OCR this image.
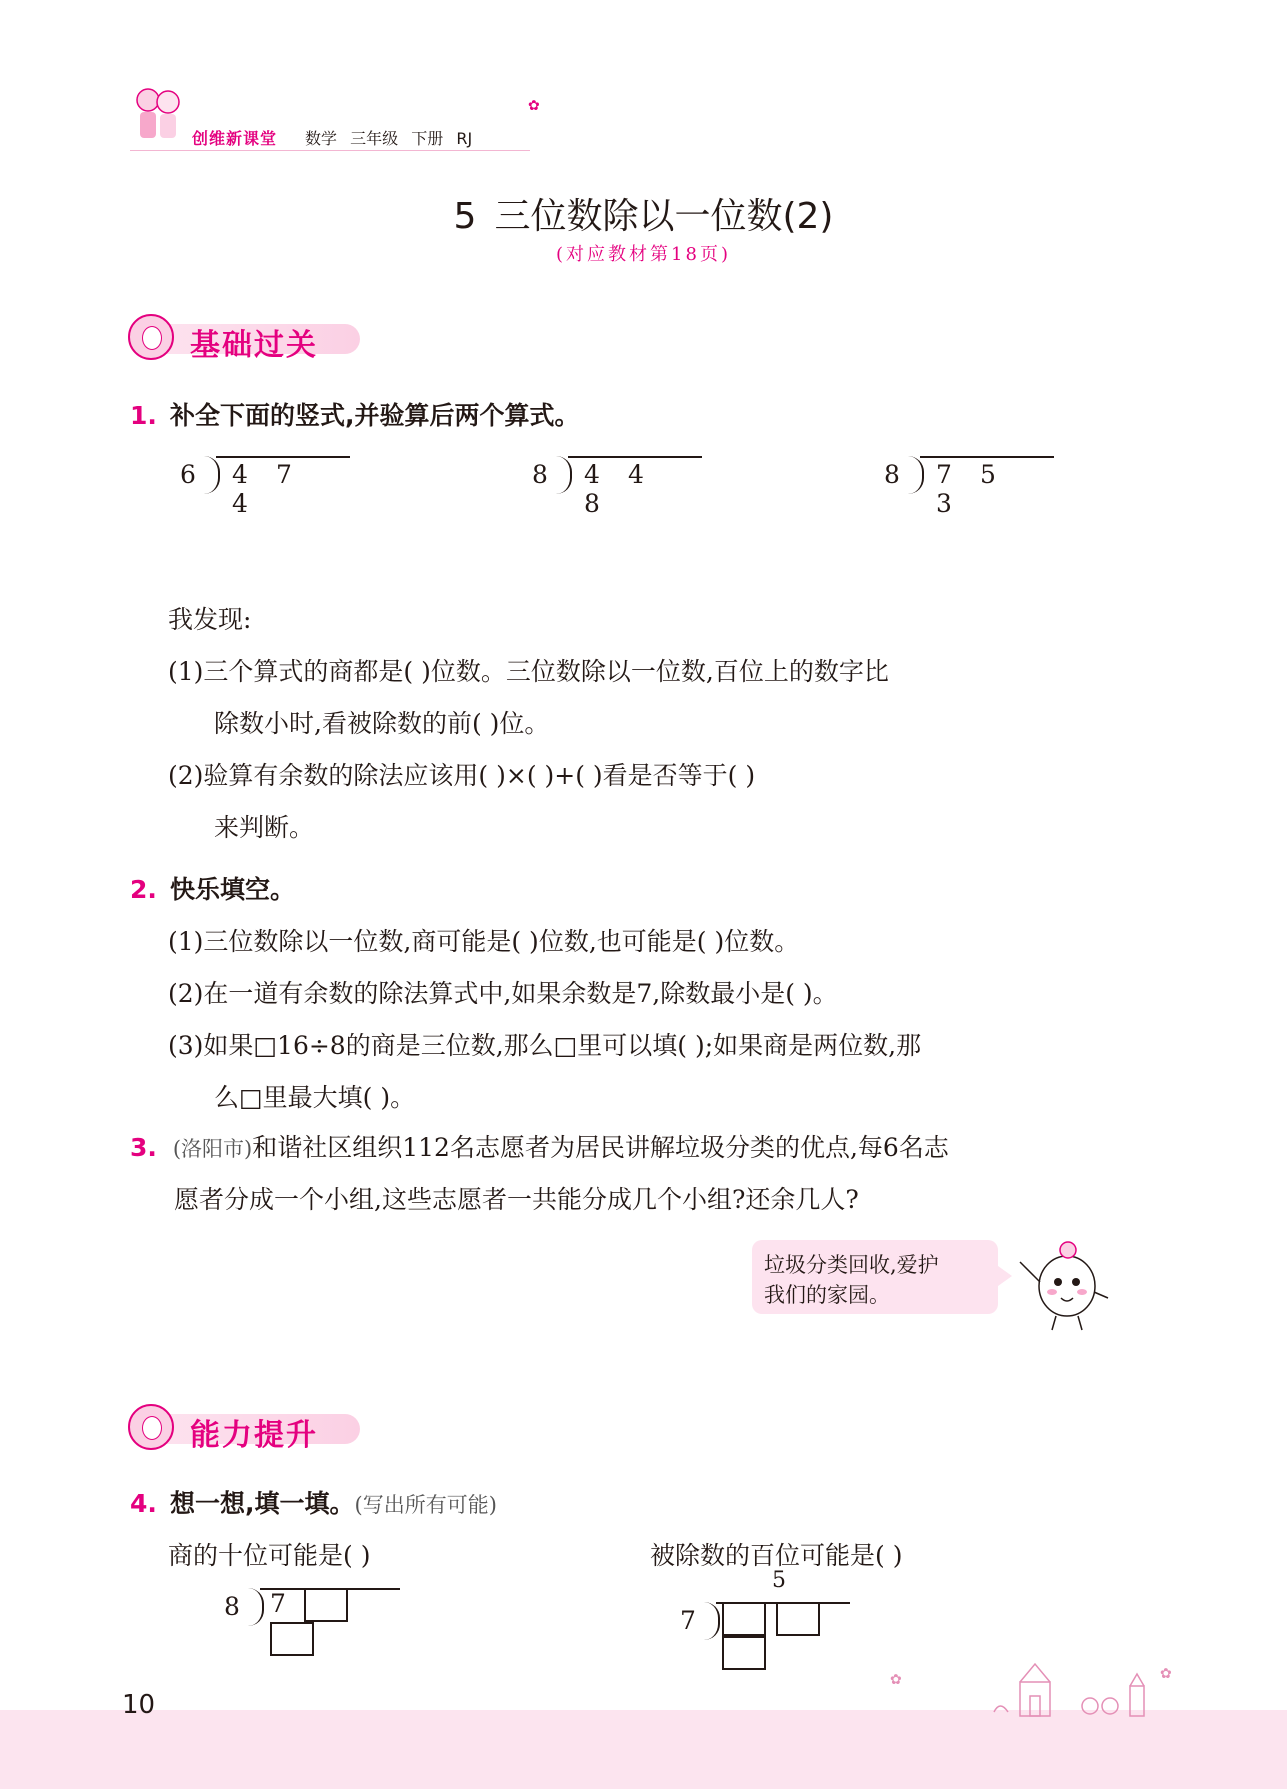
创维新课堂 数学 三年级 下册 RJ
✿
5 三位数除以一位数(2)
(对应教材第18页)
基础过关
1. 补全下面的竖式,并验算后两个算式。
6 4 74
8 4 48
8 7 53
我发现:
(1)三个算式的商都是( )位数。三位数除以一位数,百位上的数字比
除数小时,看被除数的前( )位。
(2)验算有余数的除法应该用( )×( )+( )看是否等于( )
来判断。
2. 快乐填空。
(1)三位数除以一位数,商可能是( )位数,也可能是( )位数。
(2)在一道有余数的除法算式中,如果余数是7,除数最小是( )。
(3)如果□16÷8的商是三位数,那么□里可以填( );如果商是两位数,那
么□里最大填( )。
3. (洛阳市)和谐社区组织112名志愿者为居民讲解垃圾分类的优点,每6名志
愿者分成一个小组,这些志愿者一共能分成几个小组?还余几人?
垃圾分类回收,爱护
我们的家园。
能力提升
4. 想一想,填一填。(写出所有可能)
商的十位可能是( )	被除数的百位可能是( )
8 7
5
7
10
✿	✿
